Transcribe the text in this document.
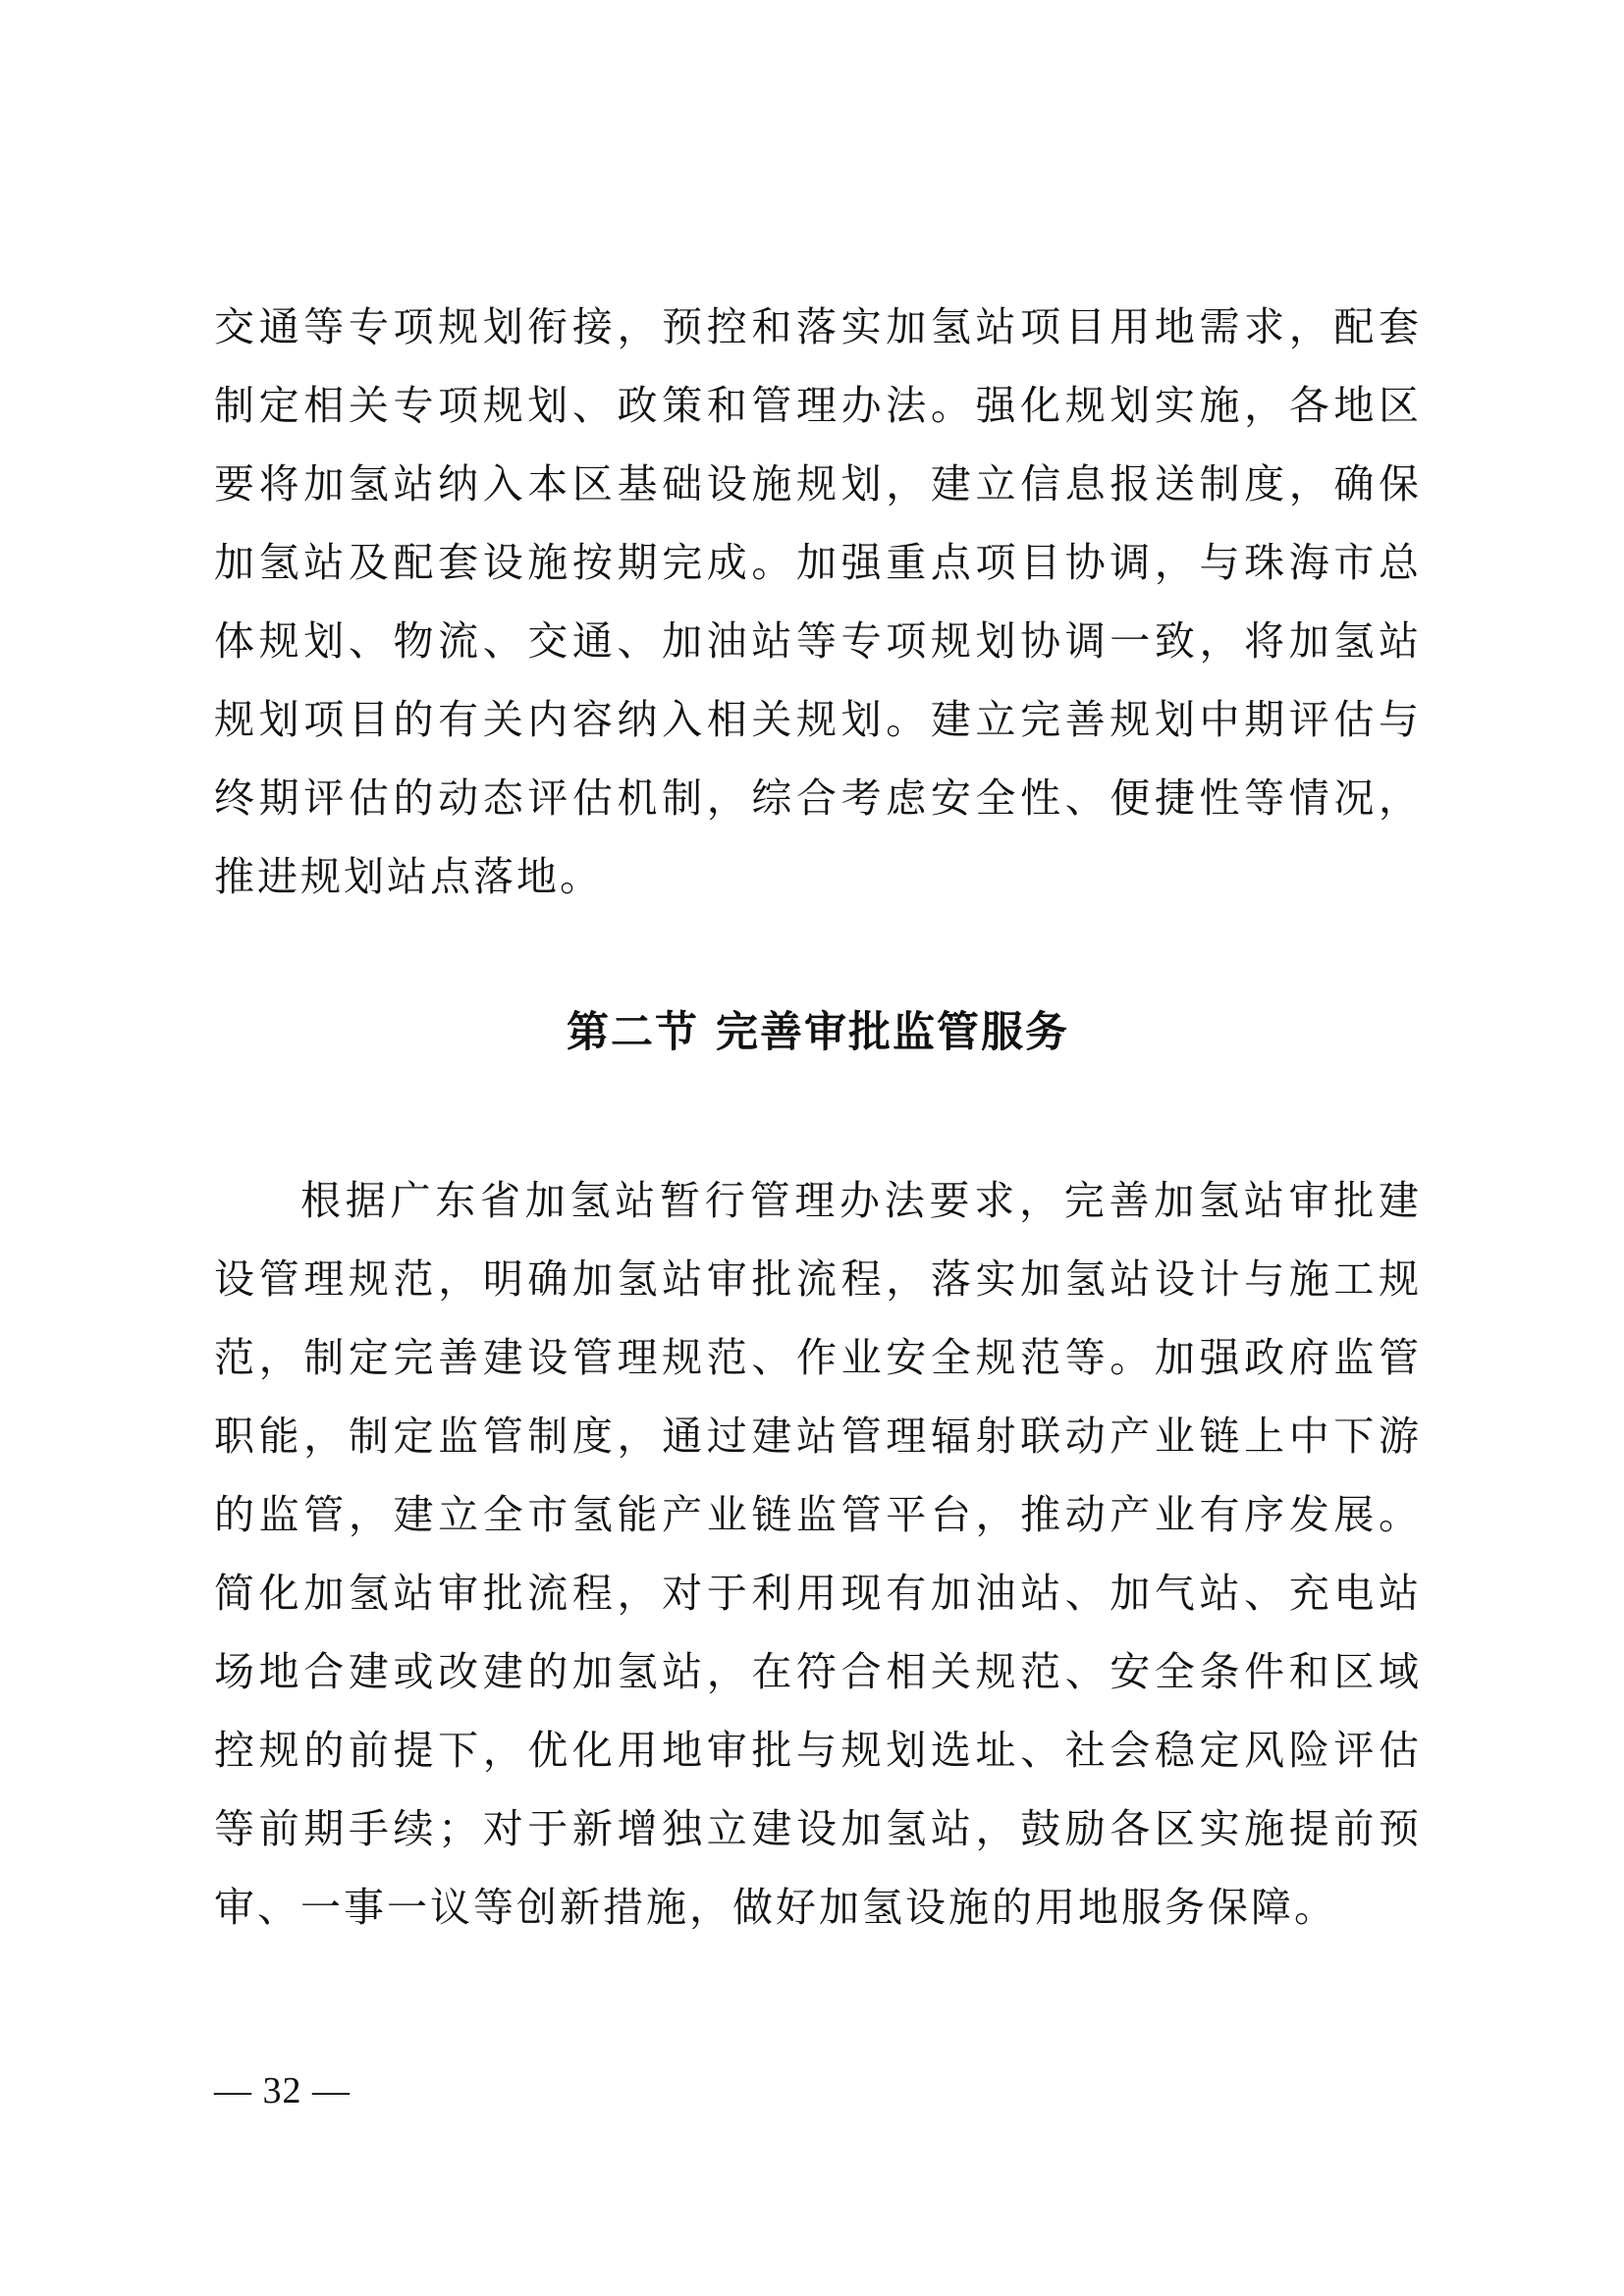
交通等专项规划衔接，预控和落实加氢站项目用地需求，配套制定相关专项规划、政策和管理办法。强化规划实施，各地区要将加氢站纳入本区基础设施规划，建立信息报送制度，确保加氢站及配套设施按期完成。加强重点项目协调，与珠海市总体规划、物流、交通、加油站等专项规划协调一致，将加氢站规划项目的有关内容纳入相关规划。建立完善规划中期评估与终期评估的动态评估机制，综合考虑安全性、便捷性等情况，推进规划站点落地。

第二节 完善审批监管服务

根据广东省加氢站暂行管理办法要求，完善加氢站审批建设管理规范，明确加氢站审批流程，落实加氢站设计与施工规范，制定完善建设管理规范、作业安全规范等。加强政府监管职能，制定监管制度，通过建站管理辐射联动产业链上中下游的监管，建立全市氢能产业链监管平台，推动产业有序发展。简化加氢站审批流程，对于利用现有加油站、加气站、充电站场地合建或改建的加氢站，在符合相关规范、安全条件和区域控规的前提下，优化用地审批与规划选址、社会稳定风险评估等前期手续；对于新增独立建设加氢站，鼓励各区实施提前预审、一事一议等创新措施，做好加氢设施的用地服务保障。

— 32 —
